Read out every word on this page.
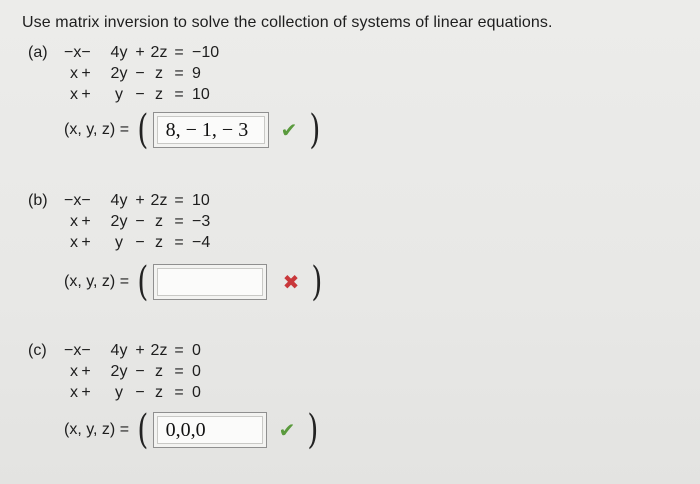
Use matrix inversion to solve the collection of systems of linear equations.
(a) −x − 4y + 2z = −10
x + 2y − z = 9
x +	y − z = 10
(x, y, z) = ( 8, − 1, − 3 ✔ )
(b) −x − 4y + 2z = 10
x + 2y − z = −3
x +	y − z = −4
(x, y, z) = (	✖ )
(c) −x − 4y + 2z = 0
x + 2y − z = 0
x +	y − z = 0
(x, y, z) = ( 0,0,0	✔ )
